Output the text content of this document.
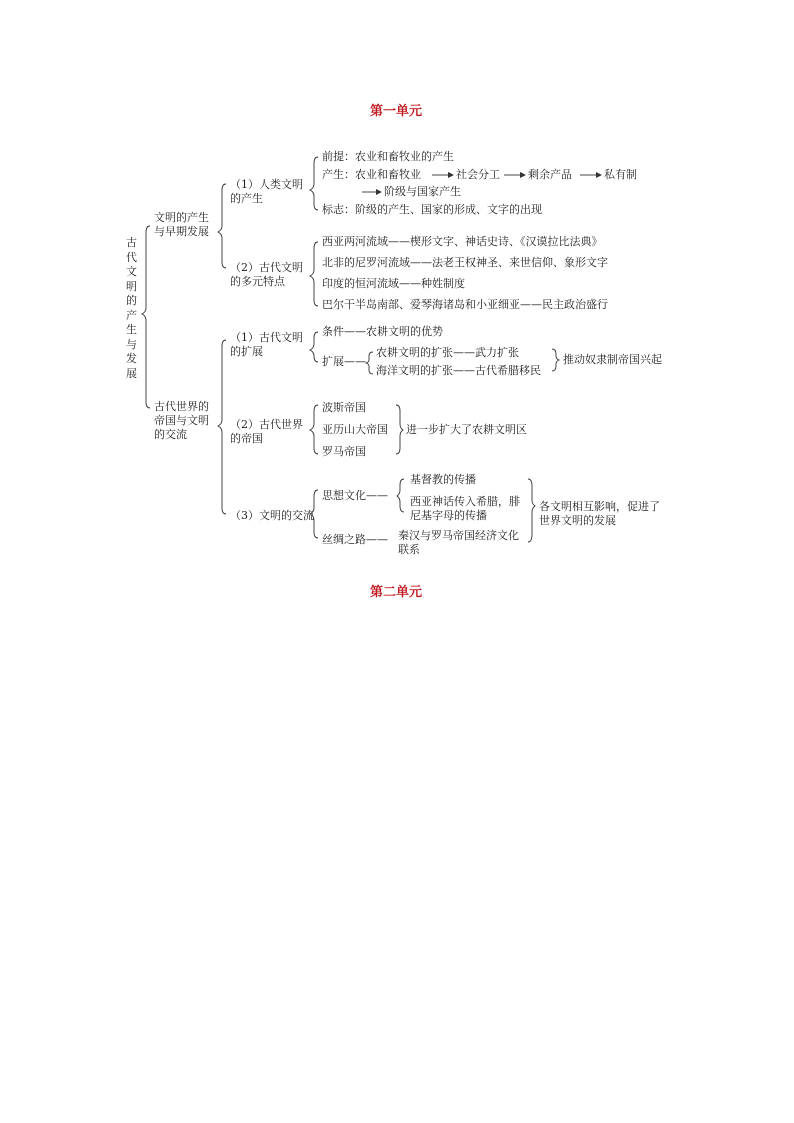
第一单元
古代文明的产生与发展
文明的产生与早期发展
（1）人类文明的产生
前提：农业和畜牧业的产生
产生：农业和畜牧业	社会分工	剩余产品	私有制
阶级与国家产生
标志：阶级的产生、国家的形成、文字的出现
（2）古代文明的多元特点
西亚两河流域——楔形文字、神话史诗、《汉谟拉比法典》
北非的尼罗河流域——法老王权神圣、来世信仰、象形文字
印度的恒河流域——种姓制度
巴尔干半岛南部、爱琴海诸岛和小亚细亚——民主政治盛行
古代世界的帝国与文明的交流
（1）古代文明的扩展
条件——农耕文明的优势
扩展——
农耕文明的扩张——武力扩张
海洋文明的扩张——古代希腊移民
推动奴隶制帝国兴起
（2）古代世界的帝国
波斯帝国
亚历山大帝国
罗马帝国
进一步扩大了农耕文明区
（3）文明的交流
思想文化——
基督教的传播
西亚神话传入希腊，腓尼基字母的传播
各文明相互影响，促进了世界文明的发展
丝绸之路—— 秦汉与罗马帝国经济文化联系
第二单元
